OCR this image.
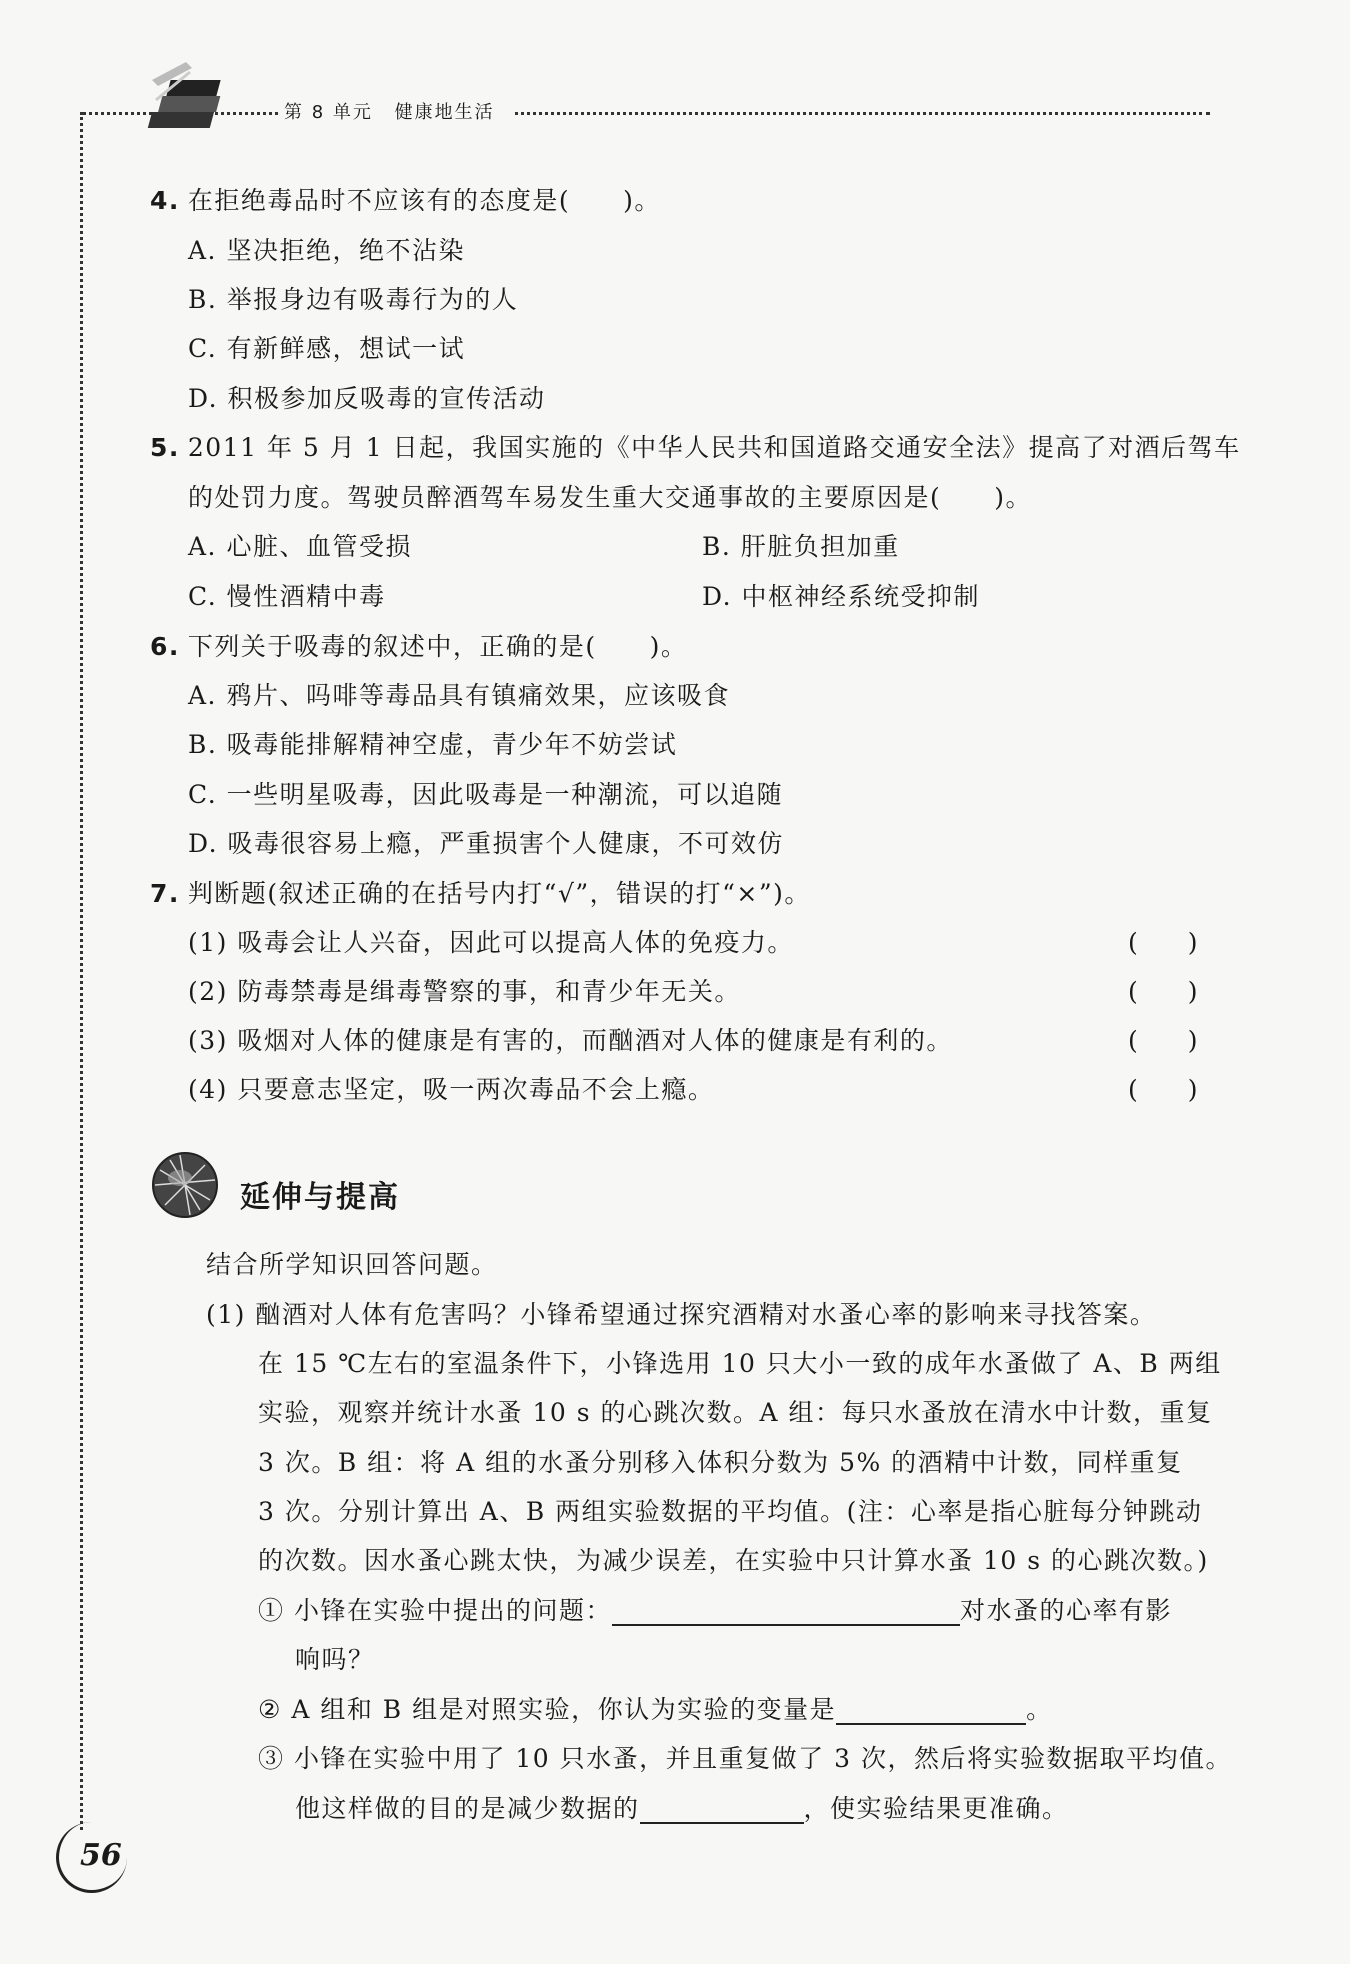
第 8 单元 健康地生活
4. 在拒绝毒品时不应该有的态度是(　　)。
A. 坚决拒绝，绝不沾染
B. 举报身边有吸毒行为的人
C. 有新鲜感，想试一试
D. 积极参加反吸毒的宣传活动
5. 2011 年 5 月 1 日起，我国实施的《中华人民共和国道路交通安全法》提高了对酒后驾车
的处罚力度。驾驶员醉酒驾车易发生重大交通事故的主要原因是(　　)。
A. 心脏、血管受损	B. 肝脏负担加重
C. 慢性酒精中毒	D. 中枢神经系统受抑制
6. 下列关于吸毒的叙述中，正确的是(　　)。
A. 鸦片、吗啡等毒品具有镇痛效果，应该吸食
B. 吸毒能排解精神空虚，青少年不妨尝试
C. 一些明星吸毒，因此吸毒是一种潮流，可以追随
D. 吸毒很容易上瘾，严重损害个人健康，不可效仿
7. 判断题(叙述正确的在括号内打“√”，错误的打“×”)。
(1) 吸毒会让人兴奋，因此可以提高人体的免疫力。	(　　)
(2) 防毒禁毒是缉毒警察的事，和青少年无关。	(　　)
(3) 吸烟对人体的健康是有害的，而酗酒对人体的健康是有利的。	(　　)
(4) 只要意志坚定，吸一两次毒品不会上瘾。	(　　)
延伸与提高
结合所学知识回答问题。
(1) 酗酒对人体有危害吗？小锋希望通过探究酒精对水蚤心率的影响来寻找答案。
在 15 ℃左右的室温条件下，小锋选用 10 只大小一致的成年水蚤做了 A、B 两组
实验，观察并统计水蚤 10 s 的心跳次数。A 组：每只水蚤放在清水中计数，重复
3 次。B 组：将 A 组的水蚤分别移入体积分数为 5% 的酒精中计数，同样重复
3 次。分别计算出 A、B 两组实验数据的平均值。(注：心率是指心脏每分钟跳动
的次数。因水蚤心跳太快，为减少误差，在实验中只计算水蚤 10 s 的心跳次数。)
① 小锋在实验中提出的问题：	对水蚤的心率有影
响吗？
② A 组和 B 组是对照实验，你认为实验的变量是	。
③ 小锋在实验中用了 10 只水蚤，并且重复做了 3 次，然后将实验数据取平均值。
他这样做的目的是减少数据的	，使实验结果更准确。
56
